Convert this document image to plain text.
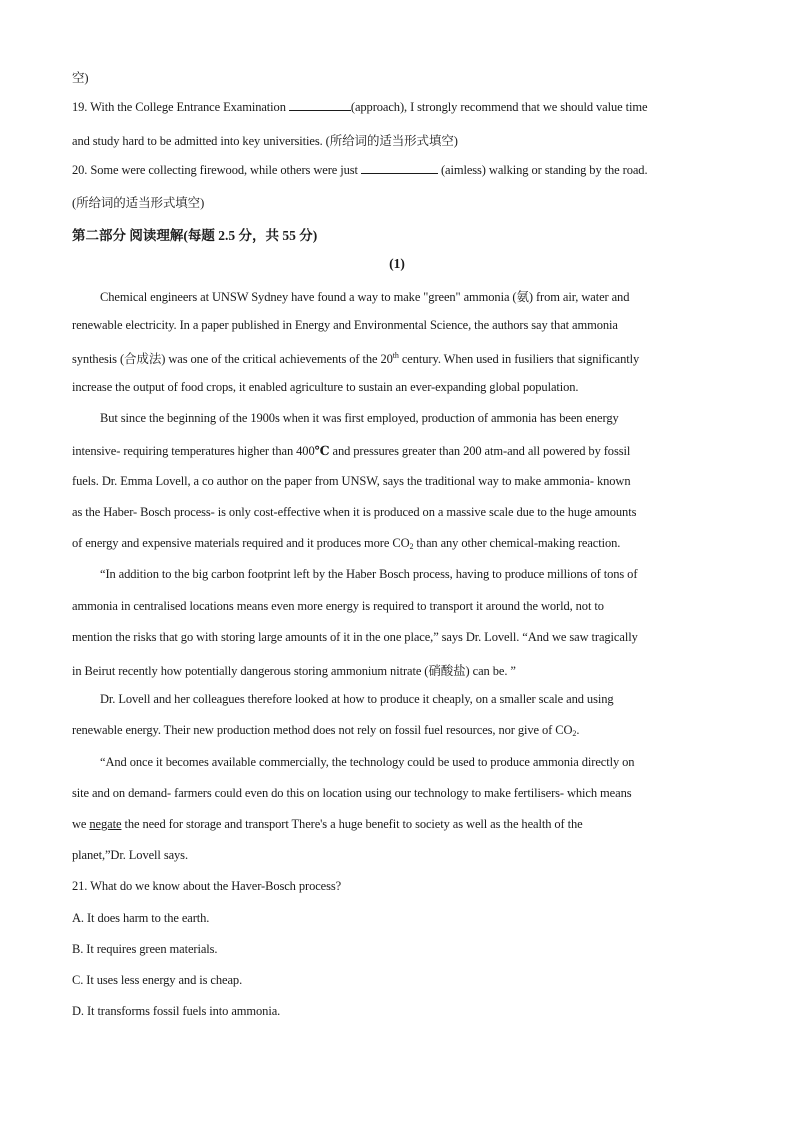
空)
19. With the College Entrance Examination	(approach), I strongly recommend that we should value time
and study hard to be admitted into key universities. (所给词的适当形式填空)
20. Some were collecting firewood, while others were just	(aimless) walking or standing by the road.
(所给词的适当形式填空)
第二部分 阅读理解(每题 2.5 分，共 55 分)
(1)
Chemical engineers at UNSW Sydney have found a way to make "green" ammonia (氨) from air, water and
renewable electricity. In a paper published in Energy and Environmental Science, the authors say that ammonia
synthesis (合成法) was one of the critical achievements of the 20th century. When used in fusiliers that significantly
increase the output of food crops, it enabled agriculture to sustain an ever-expanding global population.
But since the beginning of the 1900s when it was first employed, production of ammonia has been energy
intensive- requiring temperatures higher than 400℃ and pressures greater than 200 atm-and all powered by fossil
fuels. Dr. Emma Lovell, a co author on the paper from UNSW, says the traditional way to make ammonia- known
as the Haber- Bosch process- is only cost-effective when it is produced on a massive scale due to the huge amounts
of energy and expensive materials required and it produces more $CO_2$ than any other chemical-making reaction.
“In addition to the big carbon footprint left by the Haber Bosch process, having to produce millions of tons of
ammonia in centralised locations means even more energy is required to transport it around the world, not to
mention the risks that go with storing large amounts of it in the one place,” says Dr. Lovell. “And we saw tragically
in Beirut recently how potentially dangerous storing ammonium nitrate (硝酸盐) can be. ”
Dr. Lovell and her colleagues therefore looked at how to produce it cheaply, on a smaller scale and using
renewable energy. Their new production method does not rely on fossil fuel resources, nor give of $CO_2$.
“And once it becomes available commercially, the technology could be used to produce ammonia directly on
site and on demand- farmers could even do this on location using our technology to make fertilisers- which means
we negate the need for storage and transport There's a huge benefit to society as well as the health of the
planet,”Dr. Lovell says.
21. What do we know about the Haver-Bosch process?
A. It does harm to the earth.
B. It requires green materials.
C. It uses less energy and is cheap.
D. It transforms fossil fuels into ammonia.
